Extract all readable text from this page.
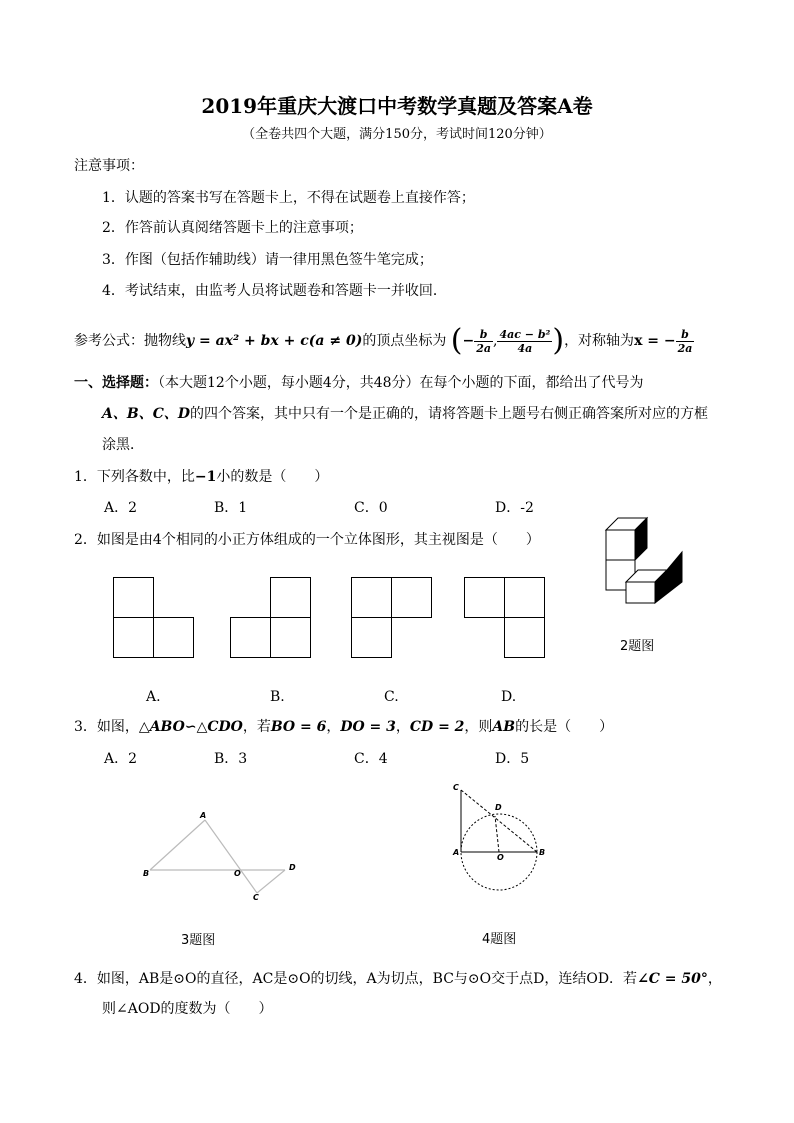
2019年重庆大渡口中考数学真题及答案A卷
（全卷共四个大题，满分150分，考试时间120分钟）
注意事项：
1．认题的答案书写在答题卡上，不得在试题卷上直接作答；
2．作答前认真阅绪答题卡上的注意事项；
3．作图（包括作辅助线）请一律用黑色签牛笔完成；
4．考试结束，由监考人员将试题卷和答题卡一并收回．
参考公式：抛物线y = ax² + bx + c(a ≠ 0)的顶点坐标为 (− $\frac{b}{2a}$ , $\frac{\text{4ac − b²}}{4a}$ )，对称轴为x = − $\frac{b}{2a}$
一、选择题：（本大题12个小题，每小题4分，共48分）在每个小题的下面，都给出了代号为
A、B、C、D的四个答案，其中只有一个是正确的，请将答题卡上题号右侧正确答案所对应的方框
涂黑．
1．下列各数中，比−1小的数是（　　）
A．2	B．1	C．0	D．-2
2．如图是由4个相同的小正方体组成的一个立体图形，其主视图是（　　）
2题图
A.	B.	C.	D.
3．如图，△ABO∽△CDO，若BO = 6，DO = 3，CD = 2，则AB的长是（　　）
A．2	B．3	C．4	D．5
A
B	O
D
C
3题图
C
D
A
O
B
4题图
4．如图，AB是⊙O的直径，AC是⊙O的切线，A为切点，BC与⊙O交于点D，连结OD．若∠C = 50°，
则∠AOD的度数为（　　）
